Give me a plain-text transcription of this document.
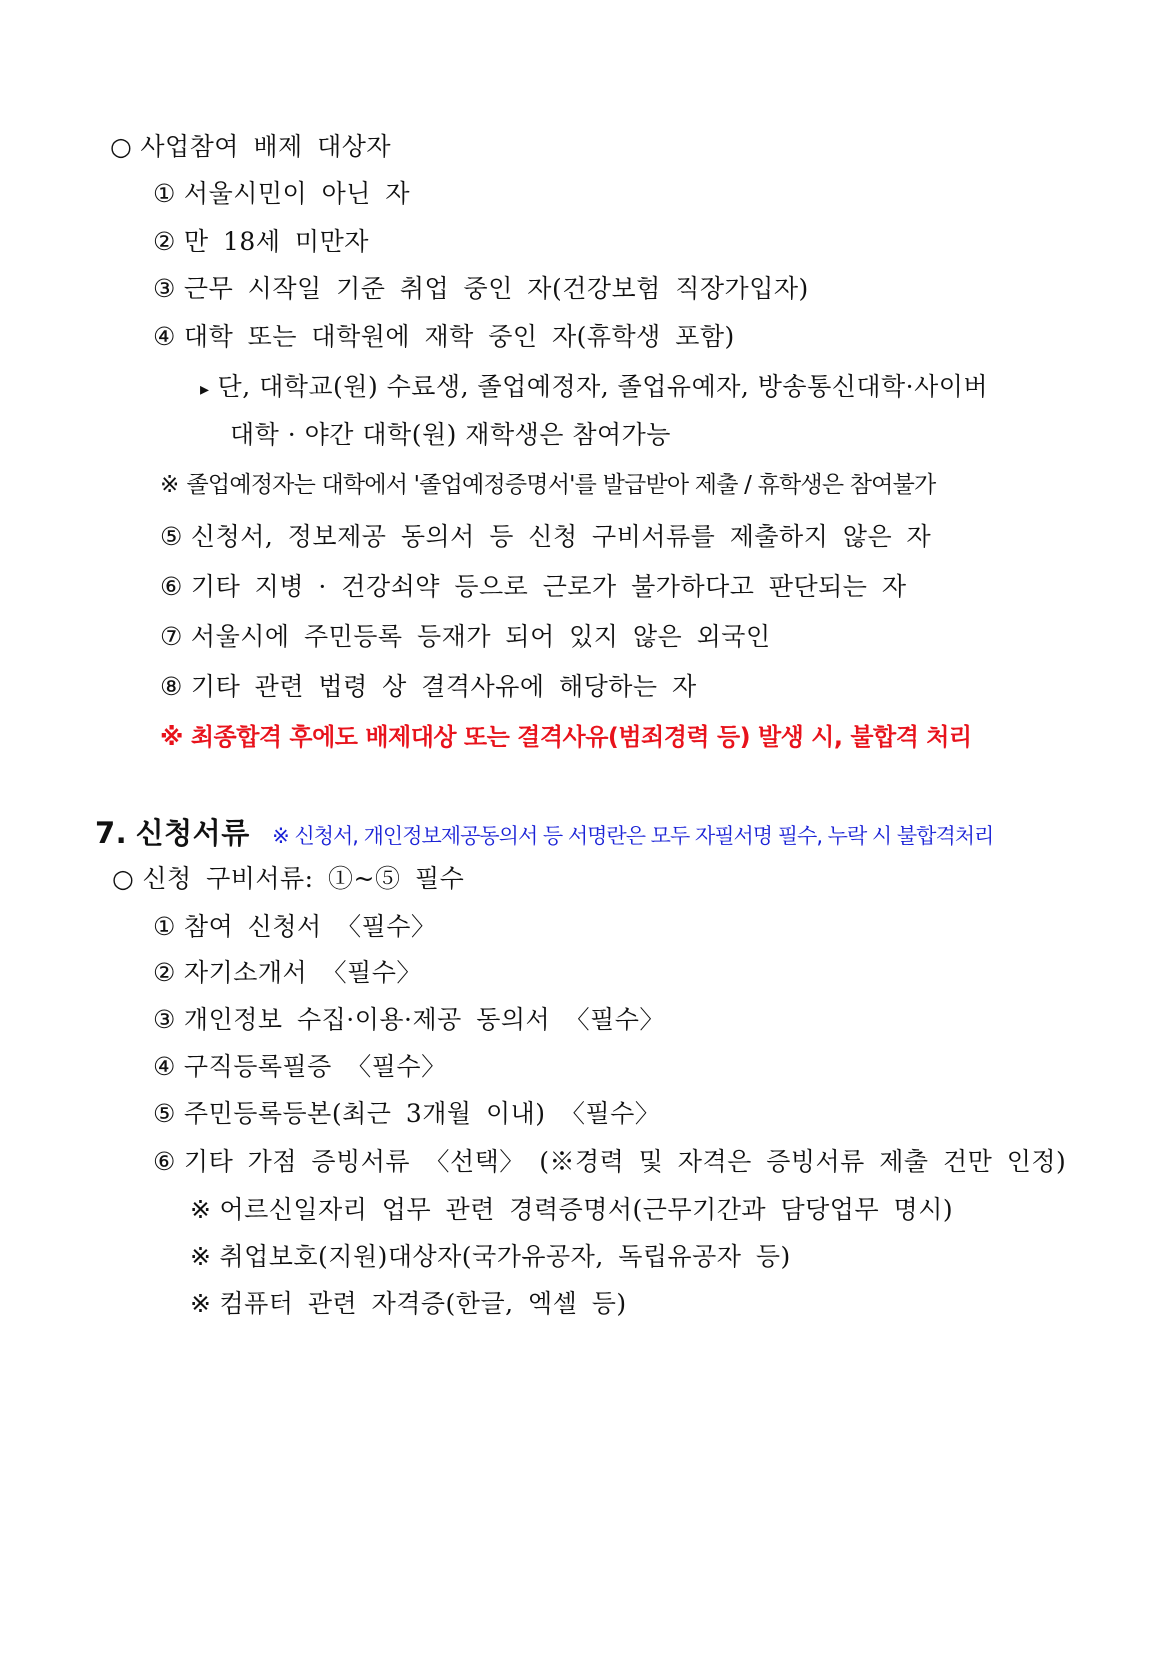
○ 사업참여 배제 대상자
① 서울시민이 아닌 자
② 만 18세 미만자
③ 근무 시작일 기준 취업 중인 자(건강보험 직장가입자)
④ 대학 또는 대학원에 재학 중인 자(휴학생 포함)
▸ 단, 대학교(원) 수료생, 졸업예정자, 졸업유예자, 방송통신대학·사이버
대학 · 야간 대학(원) 재학생은 참여가능
※ 졸업예정자는 대학에서 '졸업예정증명서'를 발급받아 제출 / 휴학생은 참여불가
⑤ 신청서, 정보제공 동의서 등 신청 구비서류를 제출하지 않은 자
⑥ 기타 지병 · 건강쇠약 등으로 근로가 불가하다고 판단되는 자
⑦ 서울시에 주민등록 등재가 되어 있지 않은 외국인
⑧ 기타 관련 법령 상 결격사유에 해당하는 자
※ 최종합격 후에도 배제대상 또는 결격사유(범죄경력 등) 발생 시, 불합격 처리
7. 신청서류 ※ 신청서, 개인정보제공동의서 등 서명란은 모두 자필서명 필수, 누락 시 불합격처리
○ 신청 구비서류: ①~⑤ 필수
① 참여 신청서 〈필수〉
② 자기소개서 〈필수〉
③ 개인정보 수집·이용·제공 동의서 〈필수〉
④ 구직등록필증 〈필수〉
⑤ 주민등록등본(최근 3개월 이내) 〈필수〉
⑥ 기타 가점 증빙서류 〈선택〉 (※경력 및 자격은 증빙서류 제출 건만 인정)
※ 어르신일자리 업무 관련 경력증명서(근무기간과 담당업무 명시)
※ 취업보호(지원)대상자(국가유공자, 독립유공자 등)
※ 컴퓨터 관련 자격증(한글, 엑셀 등)
